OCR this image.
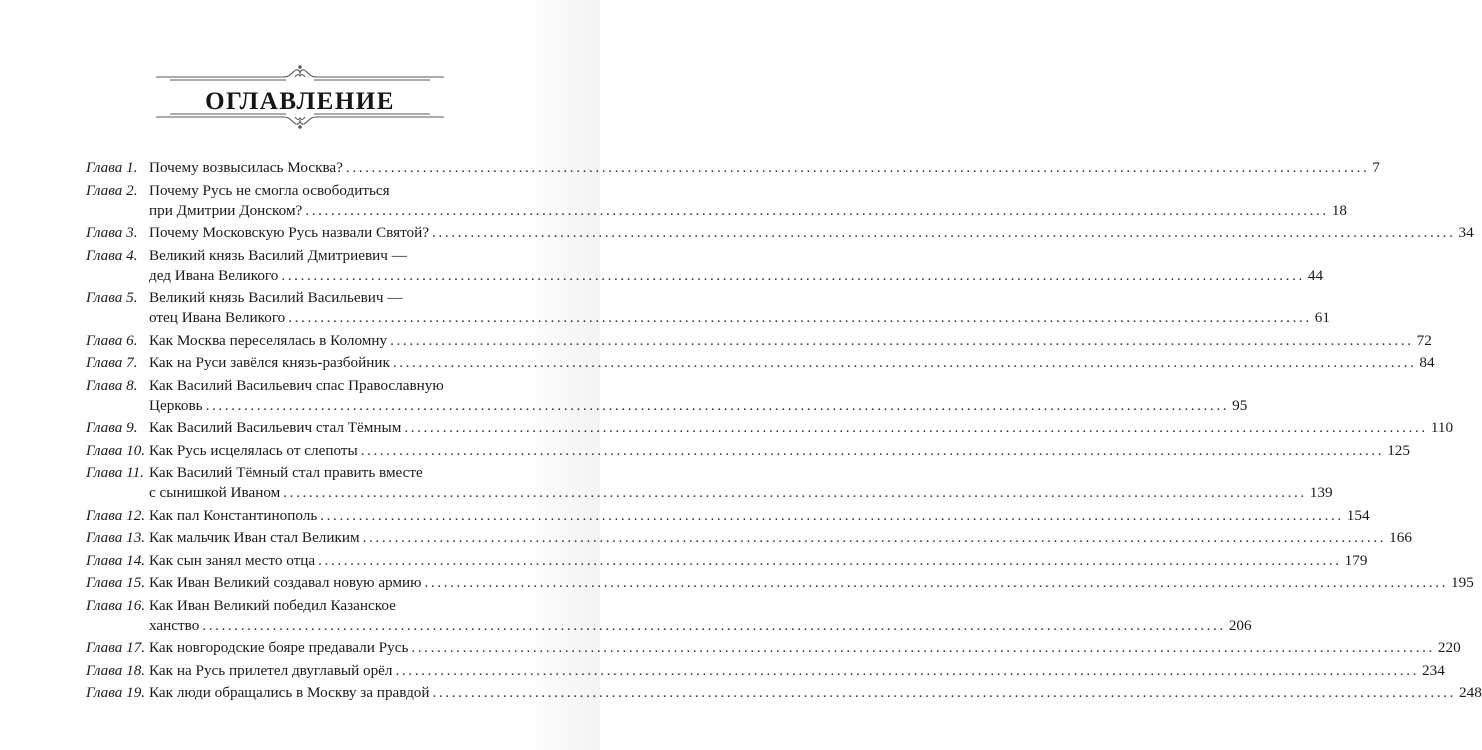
ОГЛАВЛЕНИЕ
Глава 1. Почему возвысилась Москва? ................................................................................................................................................................ 7
Глава 2. Почему Русь не смогла освободиться
при Дмитрии Донском? ................................................................................................................................................................ 18
Глава 3. Почему Московскую Русь назвали Святой? ................................................................................................................................................................ 34
Глава 4. Великий князь Василий Дмитриевич —
дед Ивана Великого ................................................................................................................................................................ 44
Глава 5. Великий князь Василий Васильевич —
отец Ивана Великого ................................................................................................................................................................ 61
Глава 6. Как Москва переселялась в Коломну ................................................................................................................................................................ 72
Глава 7. Как на Руси завёлся князь-разбойник ................................................................................................................................................................ 84
Глава 8. Как Василий Васильевич спас Православную
Церковь ................................................................................................................................................................ 95
Глава 9. Как Василий Васильевич стал Тёмным ................................................................................................................................................................ 110
Глава 10. Как Русь исцелялась от слепоты ................................................................................................................................................................ 125
Глава 11. Как Василий Тёмный стал править вместе
с сынишкой Иваном ................................................................................................................................................................ 139
Глава 12. Как пал Константинополь ................................................................................................................................................................ 154
Глава 13. Как мальчик Иван стал Великим ................................................................................................................................................................ 166
Глава 14. Как сын занял место отца ................................................................................................................................................................ 179
Глава 15. Как Иван Великий создавал новую армию ................................................................................................................................................................ 195
Глава 16. Как Иван Великий победил Казанское
ханство ................................................................................................................................................................ 206
Глава 17. Как новгородские бояре предавали Русь ................................................................................................................................................................ 220
Глава 18. Как на Русь прилетел двуглавый орёл ................................................................................................................................................................ 234
Глава 19. Как люди обращались в Москву за правдой ................................................................................................................................................................ 248
